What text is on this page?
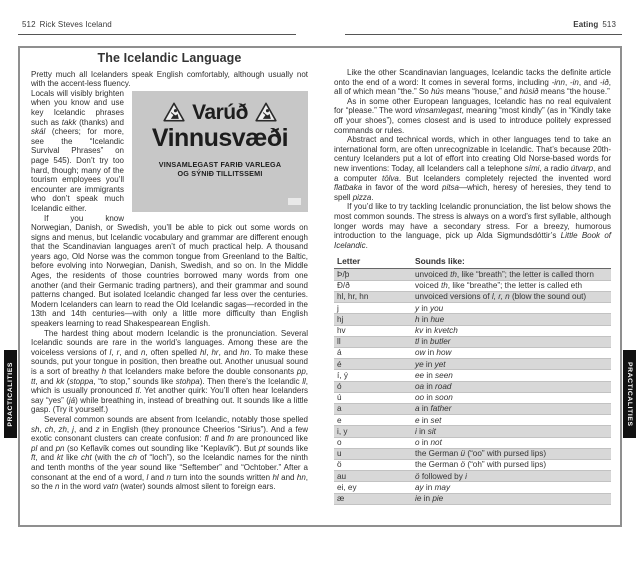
512 Rick Steves Iceland	Eating 513
PRACTICALITIES	PRACTICALITIES
The Icelandic Language

Pretty much all Icelanders speak English comfortably, although usually not with the accent-less fluency.

Varúð
Vinnusvæði
VINSAMLEGAST FARIÐ VARLEGA
OG SÝNIÐ TILLITSSEMI

Locals will visibly brighten when you know and use key Icelandic phrases such as takk (thanks) and skál (cheers; for more, see the “Icelandic Survival Phrases” on page 545). Don’t try too hard, though; many of the tourism employees you’ll encounter are immigrants who don’t speak much Icelandic either.

If you know Norwegian, Danish, or Swedish, you’ll be able to pick out some words on signs and menus, but Icelandic vocabulary and grammar are different enough that the Scandinavian languages aren’t of much practical help. A thousand years ago, Old Norse was the common tongue from Greenland to the Baltic, before evolving into Norwegian, Danish, Swedish, and so on. In the Middle Ages, the residents of those countries borrowed many words from one another (and their Germanic trading partners), and their grammar and sound patterns changed. But isolated Icelandic changed far less over the centuries. Modern Icelanders can learn to read the Old Icelandic sagas—recorded in the 13th and 14th centuries—with only a little more difficulty than English speakers learning to read Shakespearean English.

The hardest thing about modern Icelandic is the pronunciation. Several Icelandic sounds are rare in the world’s languages. Among these are the voiceless versions of l, r, and n, often spelled hl, hr, and hn. To make these sounds, put your tongue in position, then breathe out. Another unusual sound is a sort of breathy h that Icelanders make before the double consonants pp, tt, and kk (stoppa, “to stop,” sounds like stohpa). Then there’s the Icelandic ll, which is usually pronounced tl. Yet another quirk: You’ll often hear Icelanders say “yes” (já) while breathing in, instead of breathing out. It sounds like a little gasp. (Try it yourself.)

Several common sounds are absent from Icelandic, notably those spelled sh, ch, zh, j, and z in English (they pronounce Cheerios “Sirius”). And a few exotic consonant clusters can create confusion: fl and fn are pronounced like pl and pn (so Keflavík comes out sounding like “Keplavík”). But pt sounds like ft, and kt like cht (with the ch of “loch”), so the Icelandic names for the ninth and tenth months of the year sound like “Seftember” and “Ochtober.” After a consonant at the end of a word, l and n turn into the sounds written hl and hn, so the n in the word vatn (water) sounds almost silent to foreign ears.

Like the other Scandinavian languages, Icelandic tacks the definite article onto the end of a word: It comes in several forms, including -inn, -in, and -ið, all of which mean “the.” So hús means “house,” and húsið means “the house.”

As in some other European languages, Icelandic has no real equivalent for “please.” The word vinsamlegast, meaning “most kindly” (as in “Kindly take off your shoes”), comes closest and is used to introduce politely expressed commands or rules.

Abstract and technical words, which in other languages tend to take an international form, are often unrecognizable in Icelandic. That’s because 20th-century Icelanders put a lot of effort into creating Old Norse-based words for new inventions: Today, all Icelanders call a telephone sími, a radio útvarp, and a computer tölva. But Icelanders completely rejected the invented word flatbaka in favor of the word pitsa—which, heresy of heresies, they tend to spell pizza.

If you’d like to try tackling Icelandic pronunciation, the list below shows the most common sounds. The stress is always on a word’s first syllable, although longer words may have a secondary stress. For a breezy, humorous introduction to the language, pick up Alda Sigmundsdóttir’s Little Book of Icelandic.

Letter	Sounds like:
Þ/þ	unvoiced th, like “breath”; the letter is called thorn
Ð/ð	voiced th, like “breathe”; the letter is called eth
hl, hr, hn	unvoiced versions of l, r, n (blow the sound out)
j	y in you
hj	h in hue
hv	kv in kvetch
ll	tl in butler
á	ow in how
é	ye in yet
í, ý	ee in seen
ó	oa in road
ú	oo in soon
a	a in father
e	e in set
i, y	i in sit
o	o in not
u	the German ü (“oo” with pursed lips)
ö	the German ö (“oh” with pursed lips)
au	ö followed by i
ei, ey	ay in may
æ	ie in pie
